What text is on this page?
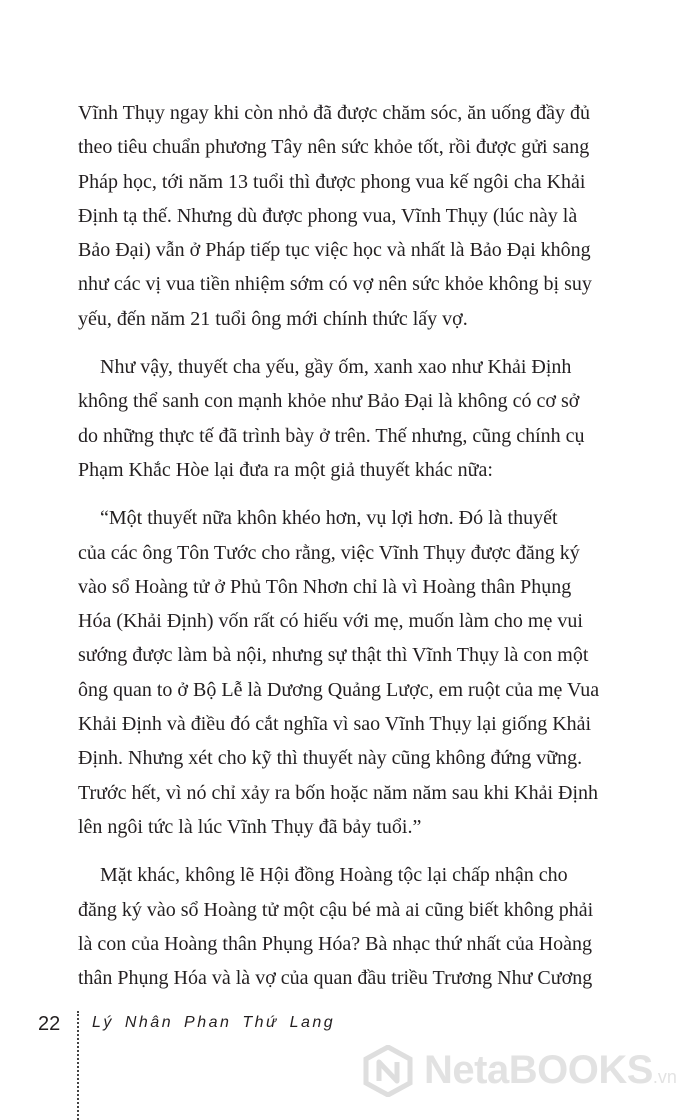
Vĩnh Thụy ngay khi còn nhỏ đã được chăm sóc, ăn uống đầy đủ
theo tiêu chuẩn phương Tây nên sức khỏe tốt, rồi được gửi sang
Pháp học, tới năm 13 tuổi thì được phong vua kế ngôi cha Khải
Định tạ thế. Nhưng dù được phong vua, Vĩnh Thụy (lúc này là
Bảo Đại) vẫn ở Pháp tiếp tục việc học và nhất là Bảo Đại không
như các vị vua tiền nhiệm sớm có vợ nên sức khỏe không bị suy
yếu, đến năm 21 tuổi ông mới chính thức lấy vợ.

Như vậy, thuyết cha yếu, gầy ốm, xanh xao như Khải Định
không thể sanh con mạnh khỏe như Bảo Đại là không có cơ sở
do những thực tế đã trình bày ở trên. Thế nhưng, cũng chính cụ
Phạm Khắc Hòe lại đưa ra một giả thuyết khác nữa:

“Một thuyết nữa khôn khéo hơn, vụ lợi hơn. Đó là thuyết
của các ông Tôn Tước cho rằng, việc Vĩnh Thụy được đăng ký
vào sổ Hoàng tử ở Phủ Tôn Nhơn chỉ là vì Hoàng thân Phụng
Hóa (Khải Định) vốn rất có hiếu với mẹ, muốn làm cho mẹ vui
sướng được làm bà nội, nhưng sự thật thì Vĩnh Thụy là con một
ông quan to ở Bộ Lễ là Dương Quảng Lược, em ruột của mẹ Vua
Khải Định và điều đó cắt nghĩa vì sao Vĩnh Thụy lại giống Khải
Định. Nhưng xét cho kỹ thì thuyết này cũng không đứng vững.
Trước hết, vì nó chỉ xảy ra bốn hoặc năm năm sau khi Khải Định
lên ngôi tức là lúc Vĩnh Thụy đã bảy tuổi.”

Mặt khác, không lẽ Hội đồng Hoàng tộc lại chấp nhận cho
đăng ký vào sổ Hoàng tử một cậu bé mà ai cũng biết không phải
là con của Hoàng thân Phụng Hóa? Bà nhạc thứ nhất của Hoàng
thân Phụng Hóa và là vợ của quan đầu triều Trương Như Cương

22 Lý Nhân Phan Thứ Lang
NetaBOOKS.vn
